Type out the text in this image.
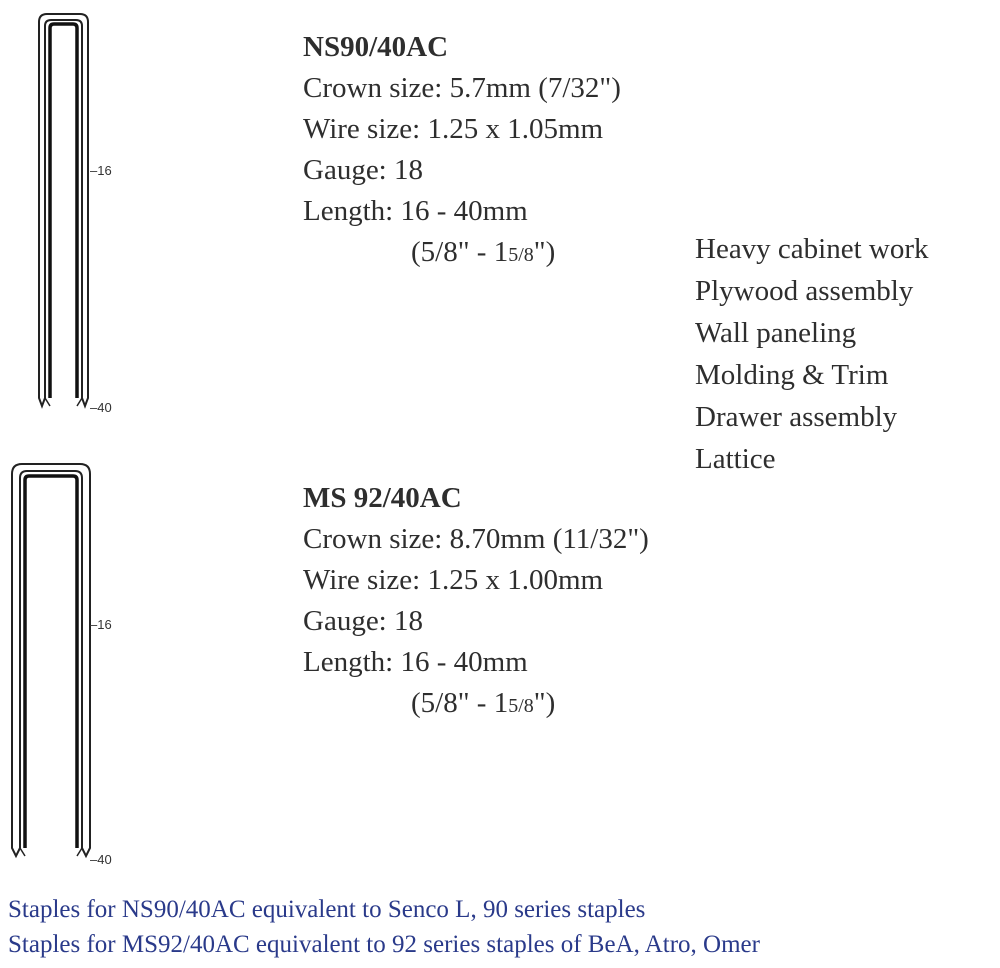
–16
–40
–16
–40
NS90/40AC
Crown size: 5.7mm (7/32")
Wire size: 1.25 x 1.05mm
Gauge: 18
Length: 16 - 40mm
(5/8" - 15/8")	Heavy cabinet work
Plywood assembly
Wall paneling
Molding & Trim
Drawer assembly
Lattice
MS 92/40AC
Crown size: 8.70mm (11/32")
Wire size: 1.25 x 1.00mm
Gauge: 18
Length: 16 - 40mm
(5/8" - 15/8")
Staples for NS90/40AC equivalent to Senco L, 90 series staples
Staples for MS92/40AC equivalent to 92 series staples of BeA, Atro, Omer
